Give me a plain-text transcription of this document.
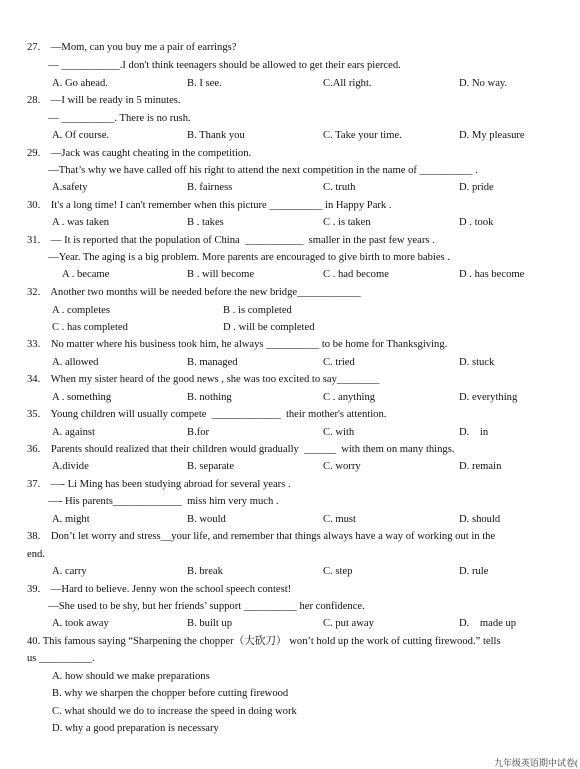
27.    —Mom, can you buy me a pair of earrings?
— ___________.I don't think teenagers should be allowed to get their ears pierced.
A. Go ahead.	B. I see.	C.All right.	D. No way.
28.    —I will be ready in 5 minutes.
— __________. There is no rush.
A. Of course.	B. Thank you	C. Take your time.	D. My pleasure
29.    —Jack was caught cheating in the competition.
—That’s why we have called off his right to attend the next competition in the name of __________ .
A.safety	B. fairness	C. truth	D. pride
30.    It's a long time! I can't remember when this picture __________ in Happy Park .
A . was taken	B . takes	C . is taken	D . took
31.    — It is reported that the population of China  ___________  smaller in the past few years .
—Year. The aging is a big problem. More parents are encouraged to give birth to more babies .
A . became	B . will become	C . had become	D . has become
32.    Another two months will be needed before the new bridge____________
A . completes	B . is completed
C . has completed	D . will be completed
33.    No matter where his business took him, he always __________ to be home for Thanksgiving.
A. allowed	B. managed	C. tried	D. stuck
34.    When my sister heard of the good news , she was too excited to say________
A . something	B. nothing	C . anything	D. everything
35.    Young children will usually compete  _____________  their mother's attention.
A. against	B.for	C. with	D.    in
36.    Parents should realized that their children would gradually  ______  with them on many things.
A.divide	B. separate	C. worry	D. remain
37.    —- Li Ming has been studying abroad for several years .
—- His parents_____________  miss him very much .
A. might	B. would	C. must	D. should
38.    Don’t let worry and stress__your life, and remember that things always have a way of working out in the
end.
A. carry	B. break	C. step	D. rule
39.    —Hard to believe. Jenny won the school speech contest!
—She used to be shy, but her friends’ support __________ her confidence.
A. took away	B. built up	C. put away	D.    made up
40. This famous saying “Sharpening the chopper（大砍刀） won’t hold up the work of cutting firewood.” tells
us __________.
A. how should we make preparations
B. why we sharpen the chopper before cutting firewood
C. what should we do to increase the speed in doing work
D. why a good preparation is necessary
九年级英语期中试卷(
